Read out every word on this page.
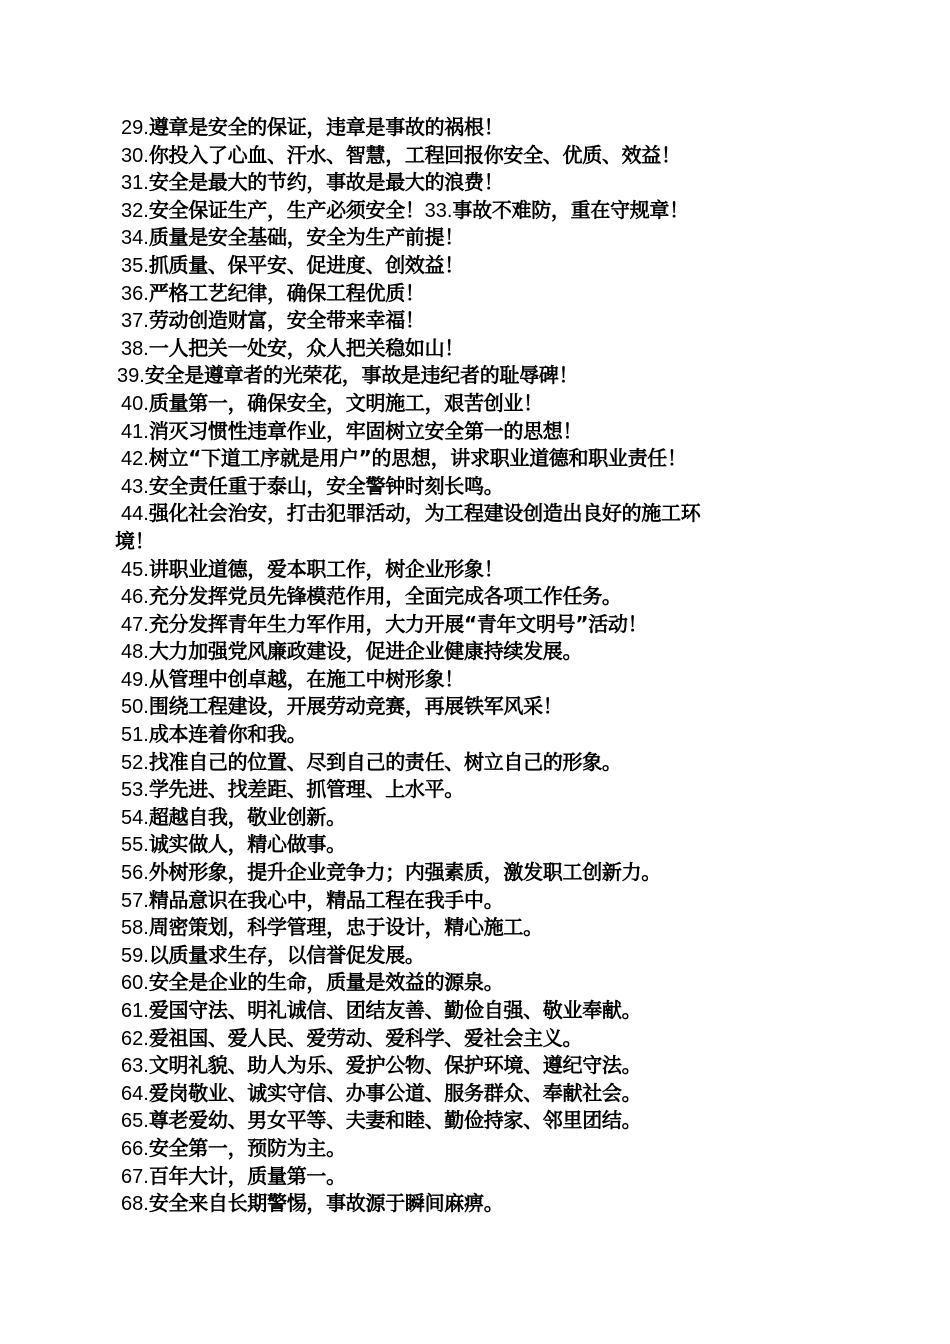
29.遵章是安全的保证，违章是事故的祸根！
30.你投入了心血、汗水、智慧，工程回报你安全、优质、效益！
31.安全是最大的节约，事故是最大的浪费！
32.安全保证生产，生产必须安全！33.事故不难防，重在守规章！
34.质量是安全基础，安全为生产前提！
35.抓质量、保平安、促进度、创效益！
36.严格工艺纪律，确保工程优质！
37.劳动创造财富，安全带来幸福！
38.一人把关一处安，众人把关稳如山！
39.安全是遵章者的光荣花，事故是违纪者的耻辱碑！
40.质量第一，确保安全，文明施工，艰苦创业！
41.消灭习惯性违章作业，牢固树立安全第一的思想！
42.树立“下道工序就是用户”的思想，讲求职业道德和职业责任！
43.安全责任重于泰山，安全警钟时刻长鸣。
44.强化社会治安，打击犯罪活动，为工程建设创造出良好的施工环
境！
45.讲职业道德，爱本职工作，树企业形象！
46.充分发挥党员先锋模范作用，全面完成各项工作任务。
47.充分发挥青年生力军作用，大力开展“青年文明号”活动！
48.大力加强党风廉政建设，促进企业健康持续发展。
49.从管理中创卓越，在施工中树形象！
50.围绕工程建设，开展劳动竞赛，再展铁军风采！
51.成本连着你和我。
52.找准自己的位置、尽到自己的责任、树立自己的形象。
53.学先进、找差距、抓管理、上水平。
54.超越自我，敬业创新。
55.诚实做人，精心做事。
56.外树形象，提升企业竞争力；内强素质，激发职工创新力。
57.精品意识在我心中，精品工程在我手中。
58.周密策划，科学管理，忠于设计，精心施工。
59.以质量求生存，以信誉促发展。
60.安全是企业的生命，质量是效益的源泉。
61.爱国守法、明礼诚信、团结友善、勤俭自强、敬业奉献。
62.爱祖国、爱人民、爱劳动、爱科学、爱社会主义。
63.文明礼貌、助人为乐、爱护公物、保护环境、遵纪守法。
64.爱岗敬业、诚实守信、办事公道、服务群众、奉献社会。
65.尊老爱幼、男女平等、夫妻和睦、勤俭持家、邻里团结。
66.安全第一，预防为主。
67.百年大计，质量第一。
68.安全来自长期警惕，事故源于瞬间麻痹。
